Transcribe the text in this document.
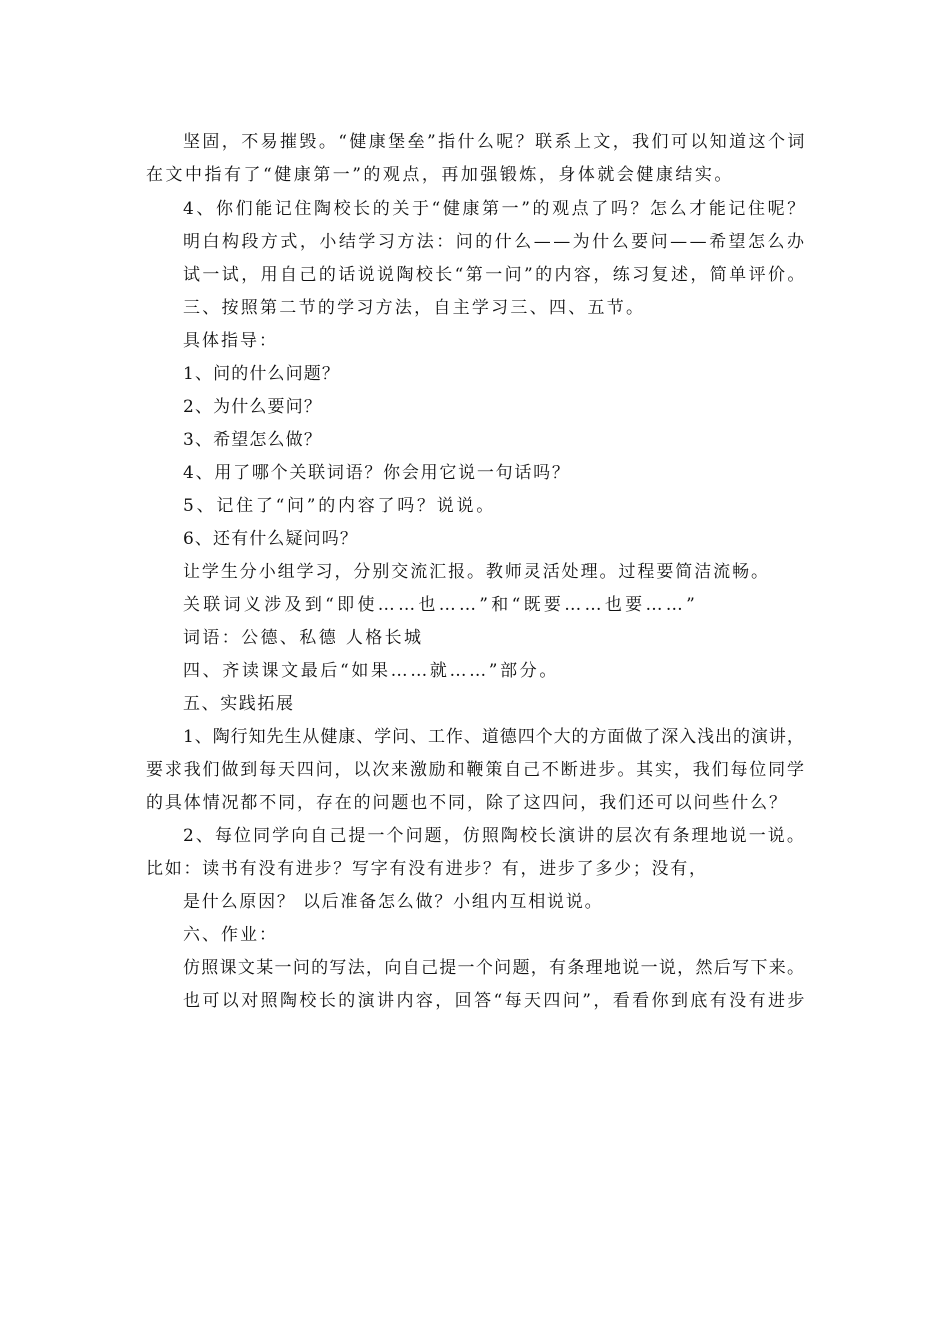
坚固，不易摧毁。“健康堡垒”指什么呢？联系上文，我们可以知道这个词
在文中指有了“健康第一”的观点，再加强锻炼，身体就会健康结实。
4、你们能记住陶校长的关于“健康第一”的观点了吗？怎么才能记住呢？
明白构段方式，小结学习方法：问的什么——为什么要问——希望怎么办
试一试，用自己的话说说陶校长“第一问”的内容，练习复述，简单评价。
三、按照第二节的学习方法，自主学习三、四、五节。
具体指导：
1、问的什么问题？
2、为什么要问？
3、希望怎么做？
4、用了哪个关联词语？你会用它说一句话吗？
5、记住了“问”的内容了吗？说说。
6、还有什么疑问吗？
让学生分小组学习，分别交流汇报。教师灵活处理。过程要简洁流畅。
关联词义涉及到“即使……也……”和“既要……也要……”
词语：公德、私德 人格长城
四、齐读课文最后“如果……就……”部分。
五、实践拓展
1、陶行知先生从健康、学问、工作、道德四个大的方面做了深入浅出的演讲，
要求我们做到每天四问，以次来激励和鞭策自己不断进步。其实，我们每位同学
的具体情况都不同，存在的问题也不同，除了这四问，我们还可以问些什么？
2、每位同学向自己提一个问题，仿照陶校长演讲的层次有条理地说一说。
比如：读书有没有进步？写字有没有进步？有，进步了多少；没有，
是什么原因？ 以后准备怎么做？小组内互相说说。
六、作业：
仿照课文某一问的写法，向自己提一个问题，有条理地说一说，然后写下来。
也可以对照陶校长的演讲内容，回答“每天四问”，看看你到底有没有进步
